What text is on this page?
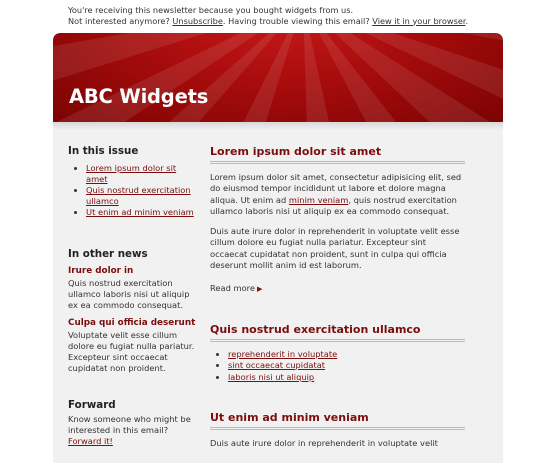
You're receiving this newsletter because you bought widgets from us.
Not interested anymore? Unsubscribe. Having trouble viewing this email? View it in your browser.
ABC Widgets
In this issue
• Lorem ipsum dolor sit amet
• Quis nostrud exercitation ullamco
• Ut enim ad minim veniam
In other news
Irure dolor in
Quis nostrud exercitation ullamco laboris nisi ut aliquip ex ea commodo consequat.
Culpa qui officia deserunt
Voluptate velit esse cillum dolore eu fugiat nulla pariatur. Excepteur sint occaecat cupidatat non proident.
Forward
Know someone who might be interested in this email?
Forward it!
Lorem ipsum dolor sit amet

Lorem ipsum dolor sit amet, consectetur adipisicing elit, sed do eiusmod tempor incididunt ut labore et dolore magna aliqua. Ut enim ad minim veniam, quis nostrud exercitation ullamco laboris nisi ut aliquip ex ea commodo consequat.

Duis aute irure dolor in reprehenderit in voluptate velit esse cillum dolore eu fugiat nulla pariatur. Excepteur sint occaecat cupidatat non proident, sunt in culpa qui officia deserunt mollit anim id est laborum.

Read more ▶

Quis nostrud exercitation ullamco
• reprehenderit in voluptate
• sint occaecat cupidatat
• laboris nisi ut aliquip
Ut enim ad minim veniam

Duis aute irure dolor in reprehenderit in voluptate velit
